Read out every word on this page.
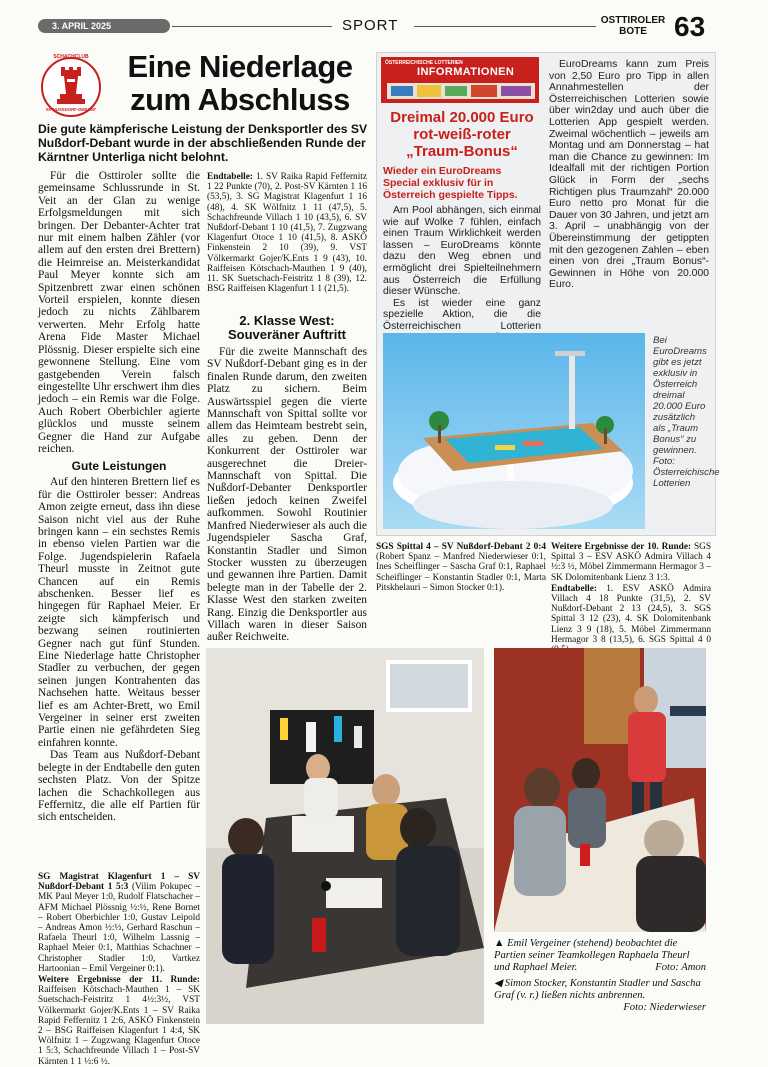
3. APRIL 2025	SPORT	OSTTIROLER
BOTE 63
SCHACHCLUB
SV NUSSDORF-DEBANT
Eine Niederlage
zum Abschluss
Die gute kämpferische Leistung der Denksportler des SV Nußdorf-Debant wurde in der abschließenden Runde der Kärntner Unterliga nicht belohnt.

Für die Osttiroler sollte die gemeinsame Schlussrunde in St. Veit an der Glan zu wenige Erfolgsmeldungen mit sich bringen. Der Debanter-Achter trat nur mit einem halben Zähler (vor allem auf den ersten drei Brettern) die Heimreise an. Meisterkandidat Paul Meyer konnte sich am Spitzenbrett zwar einen schönen Vorteil erspielen, konnte diesen jedoch zu nichts Zählbarem verwerten. Mehr Erfolg hatte Arena Fide Master Michael Plössnig. Dieser erspielte sich eine gewonnene Stellung. Eine vom gastgebenden Verein falsch eingestellte Uhr erschwert ihm dies jedoch – ein Remis war die Folge. Auch Robert Oberbichler agierte glücklos und musste seinem Gegner die Hand zur Aufgabe reichen.

Gute Leistungen

Auf den hinteren Brettern lief es für die Osttiroler besser: Andreas Amon zeigte erneut, dass ihn diese Saison nicht viel aus der Ruhe bringen kann – ein sechstes Remis in ebenso vielen Partien war die Folge. Jugendspielerin Rafaela Theurl musste in Zeitnot gute Chancen auf ein Remis abschenken. Besser lief es hingegen für Raphael Meier. Er zeigte sich kämpferisch und bezwang seinen routinierten Gegner nach gut fünf Stunden. Eine Niederlage hatte Christopher Stadler zu verbuchen, der gegen seinen jungen Kontrahenten das Nachsehen hatte. Weitaus besser lief es am Achter-Brett, wo Emil Vergeiner in seiner erst zweiten Partie einen nie gefährdeten Sieg einfahren konnte.

Das Team aus Nußdorf-Debant belegte in der Endtabelle den guten sechsten Platz. Von der Spitze lachen die Schachkollegen aus Feffernitz, die alle elf Partien für sich entscheiden.

SG Magistrat Klagenfurt 1 – SV Nußdorf-Debant 1 5:3 (Vilim Pokupec – MK Paul Meyer 1:0, Rudolf Flatschacher – AFM Michael Plössnig ½:½, Rene Bornet – Robert Oberbichler 1:0, Gustav Leipold – Andreas Amon ½:½, Gerhard Raschun – Rafaela Theurl 1:0, Wilhelm Lassnig – Raphael Meier 0:1, Matthias Schachner – Christopher Stadler 1:0, Vartkez Hartoonian – Emil Vergeiner 0:1).

Weitere Ergebnisse der 11. Runde: Raiffeisen Kötschach-Mauthen 1 – SK Suetschach-Feistritz 1 4½:3½, VST Völkermarkt Gojer/K.Ents 1 – SV Raika Rapid Feffernitz 1 2:6, ASKÖ Finkenstein 2 – BSG Raiffeisen Klagenfurt 1 4:4, SK Wölfnitz 1 – Zugzwang Klagenfurt Otoce 1 5:3, Schachfreunde Villach 1 – Post-SV Kärnten 1 1 ½:6 ½.

Endtabelle: 1. SV Raika Rapid Feffernitz 1 22 Punkte (70), 2. Post-SV Kärnten 1 16 (53,5), 3. SG Magistrat Klagenfurt 1 16 (48), 4. SK Wölfnitz 1 11 (47,5), 5. Schachfreunde Villach 1 10 (43,5), 6. SV Nußdorf-Debant 1 10 (41,5), 7. Zugzwang Klagenfurt Otoce 1 10 (41,5), 8. ASKÖ Finkenstein 2 10 (39), 9. VST Völkermarkt Gojer/K.Ents 1 9 (43), 10. Raiffeisen Kötschach-Mauthen 1 9 (40), 11. SK Suetschach-Feistritz 1 8 (39), 12. BSG Raiffeisen Klagenfurt 1 1 (21,5).

2. Klasse West:
Souveräner Auftritt

Für die zweite Mannschaft des SV Nußdorf-Debant ging es in der finalen Runde darum, den zweiten Platz zu sichern. Beim Auswärtsspiel gegen die vierte Mannschaft von Spittal sollte vor allem das Heimteam bestrebt sein, alles zu geben. Denn der Konkurrent der Osttiroler war ausgerechnet die Dreier-Mannschaft von Spittal. Die Nußdorf-Debanter Denksportler ließen jedoch keinen Zweifel aufkommen. Sowohl Routinier Manfred Niederwieser als auch die Jugendspieler Sascha Graf, Konstantin Stadler und Simon Stocker wussten zu überzeugen und gewannen ihre Partien. Damit belegte man in der Tabelle der 2. Klasse West den starken zweiten Rang. Einzig die Denksportler aus Villach waren in dieser Saison außer Reichweite.

SGS Spittal 4 – SV Nußdorf-Debant 2 0:4 (Robert Spanz – Manfred Niederwieser 0:1, Ines Scheiflinger – Sascha Graf 0:1, Raphael Scheiflinger – Konstantin Stadler 0:1, Marta Pitskhelauri – Simon Stocker 0:1).

Weitere Ergebnisse der 10. Runde: SGS Spittal 3 – ESV ASKÖ Admira Villach 4 ½:3 ½, Möbel Zimmermann Hermagor 3 – SK Dolomitenbank Lienz 3 1:3.

Endtabelle: 1. ESV ASKÖ Admira Villach 4 18 Punkte (31,5), 2. SV Nußdorf-Debant 2 13 (24,5), 3. SGS Spittal 3 12 (23), 4. SK Dolomitenbank Lienz 3 9 (18), 5. Möbel Zimmermann Hermagor 3 8 (13,5), 6. SGS Spittal 4 0

ÖSTERREICHISCHE LOTTERIEN
INFORMATIONEN
Dreimal 20.000 Euro
rot-weiß-roter
„Traum-Bonus“
Wieder ein EuroDreams Special exklusiv für in Österreich gespielte Tipps.

Am Pool abhängen, sich einmal wie auf Wolke 7 fühlen, einfach einen Traum Wirklichkeit werden lassen – EuroDreams könnte dazu den Weg ebnen und ermöglicht drei Spielteilnehmern aus Österreich die Erfüllung dieser Wünsche.

Es ist wieder eine ganz spezielle Aktion, die die Österreichischen Lotterien

EuroDreams kann zum Preis von 2,50 Euro pro Tipp in allen Annahmestellen der Österreichischen Lotterien sowie über win2day und auch über die Lotterien App gespielt werden. Zweimal wöchentlich – jeweils am Montag und am Donnerstag – hat man die Chance zu gewinnen: Im Idealfall mit der richtigen Portion Glück in Form der „sechs Richtigen plus Traumzahl“ 20.000 Euro netto pro Monat für die Dauer von 30 Jahren, und jetzt am 3. April – unabhängig von der Übereinstimmung der getippten mit den gezogenen Zahlen – eben einen von drei „Traum Bonus“-Gewinnen in Höhe von 20.000 Euro.

Bei EuroDreams gibt es jetzt exklusiv in Österreich dreimal 20.000 Euro zusätzlich als „Traum Bonus“ zu gewinnen. Foto: Österreichische Lotterien
▲ Emil Vergeiner (stehend) beobachtet die Partien seiner Teamkollegen Raphaela Theurl und Raphael Meier.	Foto: Amon
◀ Simon Stocker, Konstantin Stadler und Sascha Graf (v. r.) ließen nichts anbrennen.
Foto: Niederwieser
